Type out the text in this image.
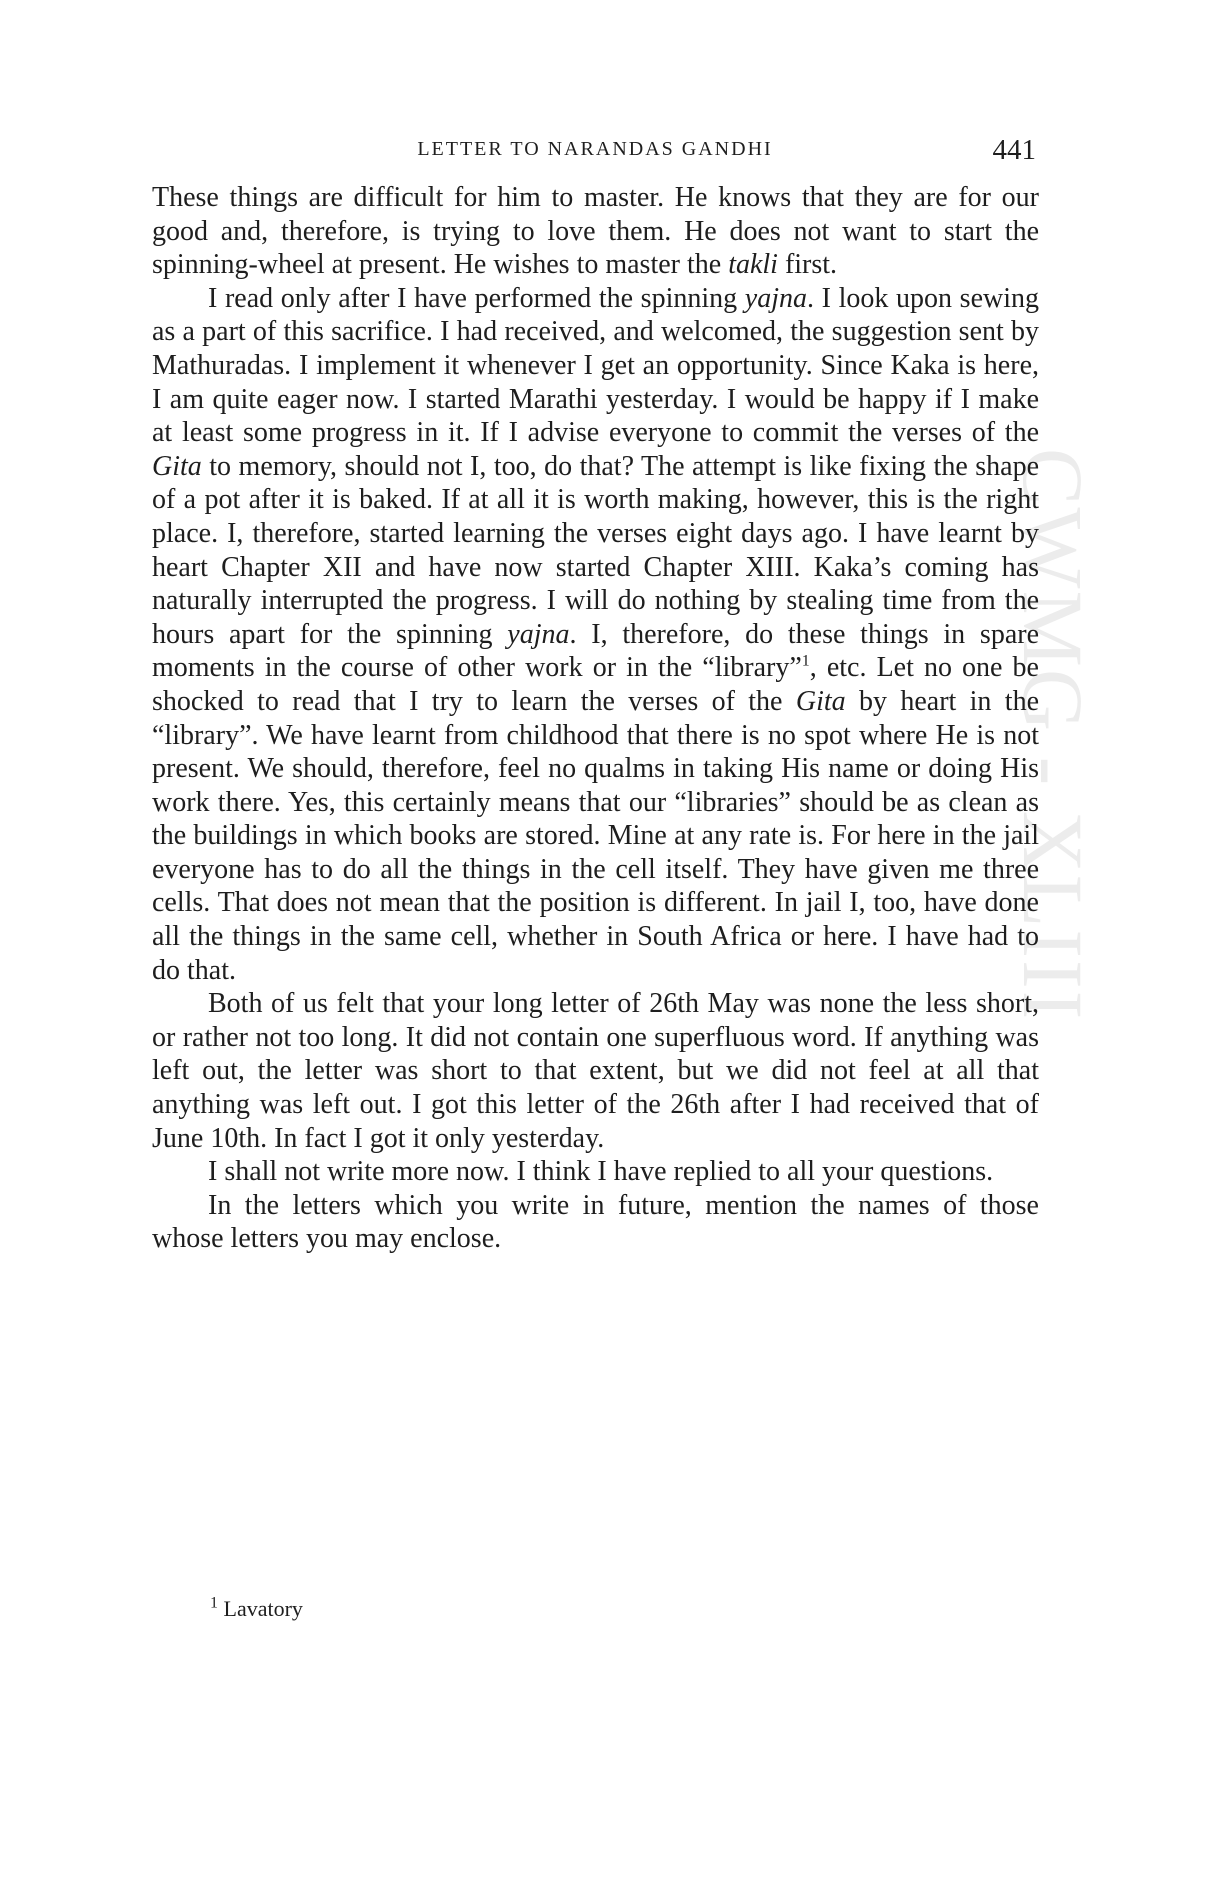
CWMG - XLIII
LETTER TO NARANDAS GANDHI	441

These things are difficult for him to master. He knows that they are for our good and, therefore, is trying to love them. He does not want to start the spinning-wheel at present. He wishes to master the takli first.

I read only after I have performed the spinning yajna. I look upon sewing as a part of this sacrifice. I had received, and welcomed, the suggestion sent by Mathuradas. I implement it whenever I get an opportunity. Since Kaka is here, I am quite eager now. I started Marathi yesterday. I would be happy if I make at least some progress in it. If I advise everyone to commit the verses of the Gita to memory, should not I, too, do that? The attempt is like fixing the shape of a pot after it is baked. If at all it is worth making, however, this is the right place. I, therefore, started learning the verses eight days ago. I have learnt by heart Chapter XII and have now started Chapter XIII. Kaka’s coming has naturally interrupted the progress. I will do nothing by stealing time from the hours apart for the spinning yajna. I, therefore, do these things in spare moments in the course of other work or in the “library”$^1$, etc. Let no one be shocked to read that I try to learn the verses of the Gita by heart in the “library”. We have learnt from childhood that there is no spot where He is not present. We should, therefore, feel no qualms in taking His name or doing His work there. Yes, this certainly means that our “libraries” should be as clean as the buildings in which books are stored. Mine at any rate is. For here in the jail everyone has to do all the things in the cell itself. They have given me three cells. That does not mean that the position is different. In jail I, too, have done all the things in the same cell, whether in South Africa or here. I have had to do that.

Both of us felt that your long letter of 26th May was none the less short, or rather not too long. It did not contain one superfluous word. If anything was left out, the letter was short to that extent, but we did not feel at all that anything was left out. I got this letter of the 26th after I had received that of June 10th. In fact I got it only yesterday.

I shall not write more now. I think I have replied to all your questions.

In the letters which you write in future, mention the names of those whose letters you may enclose.

$^1$ Lavatory
